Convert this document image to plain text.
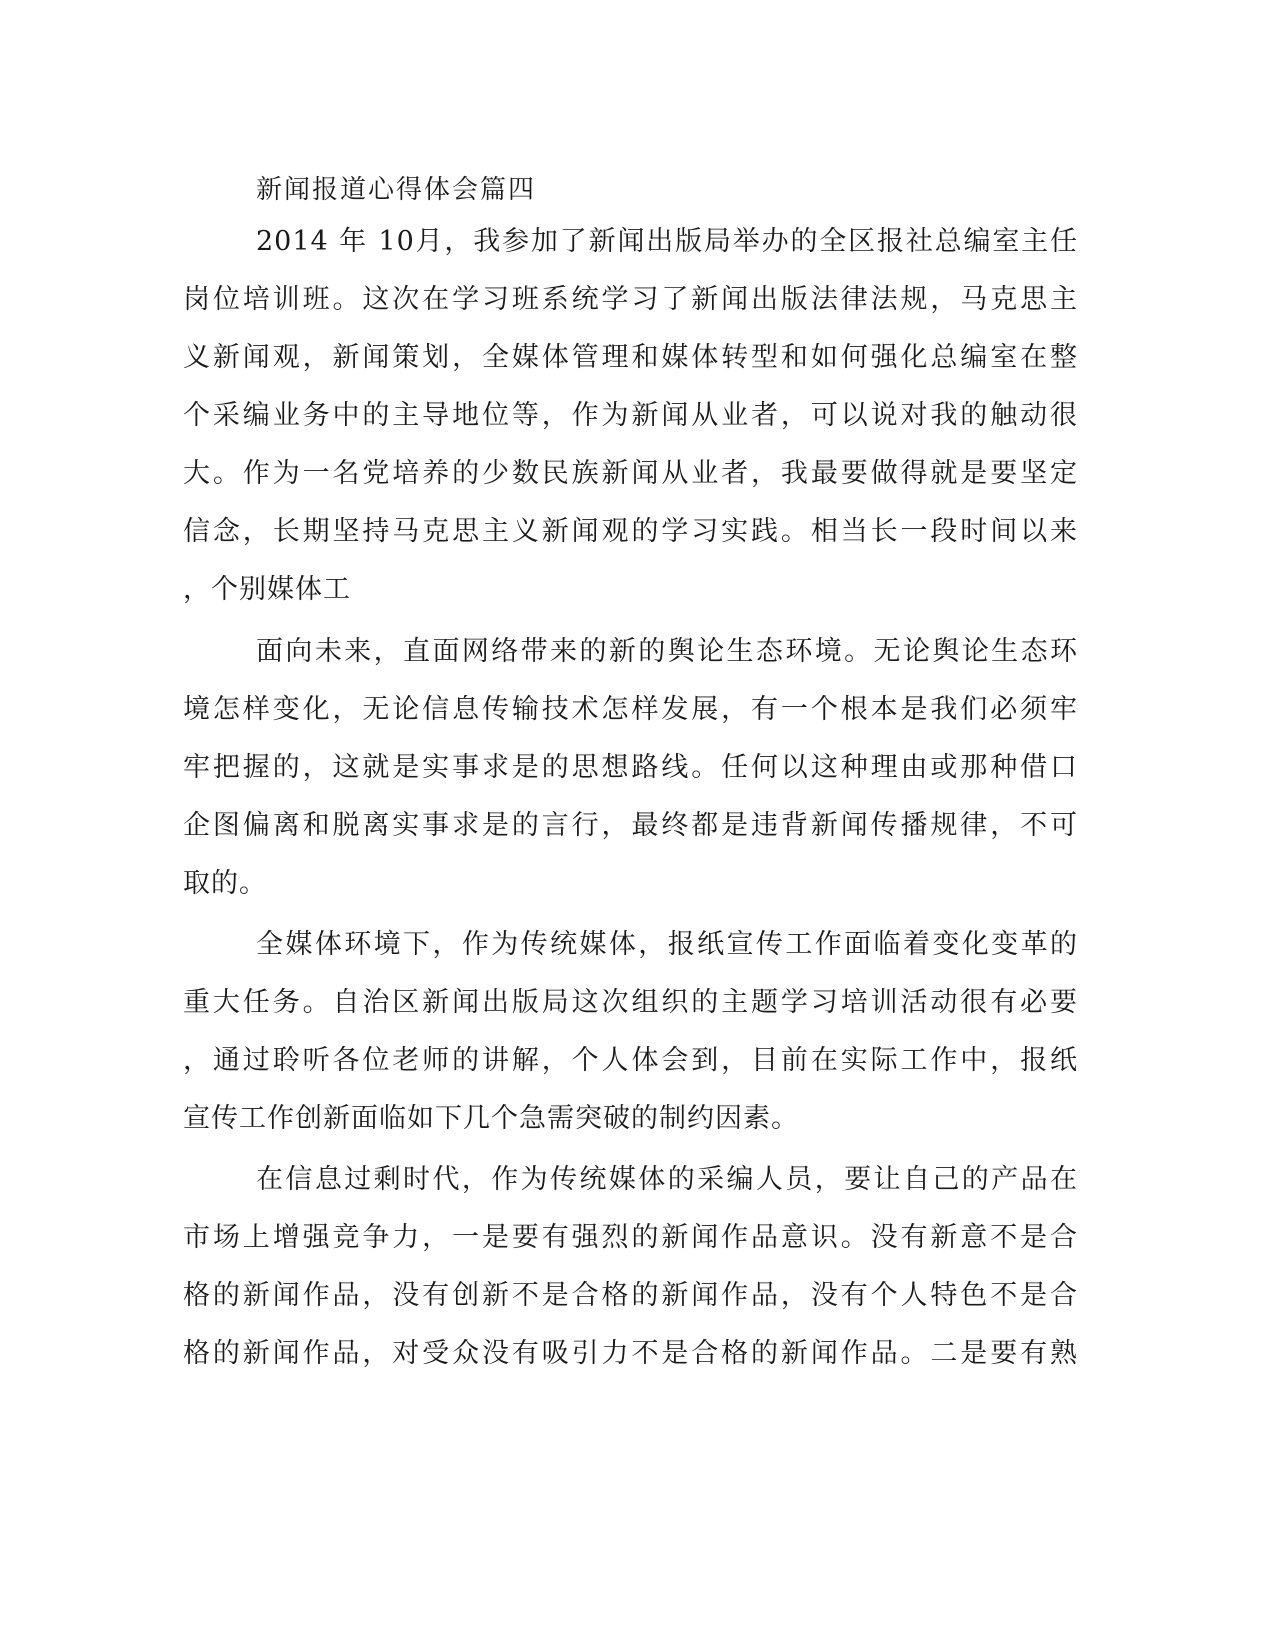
新闻报道心得体会篇四
2014 年 10月，我参加了新闻出版局举办的全区报社总编室主任
岗位培训班。这次在学习班系统学习了新闻出版法律法规，马克思主
义新闻观，新闻策划，全媒体管理和媒体转型和如何强化总编室在整
个采编业务中的主导地位等，作为新闻从业者，可以说对我的触动很
大。作为一名党培养的少数民族新闻从业者，我最要做得就是要坚定
信念，长期坚持马克思主义新闻观的学习实践。相当长一段时间以来
，个别媒体工
面向未来，直面网络带来的新的舆论生态环境。无论舆论生态环
境怎样变化，无论信息传输技术怎样发展，有一个根本是我们必须牢
牢把握的，这就是实事求是的思想路线。任何以这种理由或那种借口
企图偏离和脱离实事求是的言行，最终都是违背新闻传播规律，不可
取的。
全媒体环境下，作为传统媒体，报纸宣传工作面临着变化变革的
重大任务。自治区新闻出版局这次组织的主题学习培训活动很有必要
，通过聆听各位老师的讲解，个人体会到，目前在实际工作中，报纸
宣传工作创新面临如下几个急需突破的制约因素。
在信息过剩时代，作为传统媒体的采编人员，要让自己的产品在
市场上增强竞争力，一是要有强烈的新闻作品意识。没有新意不是合
格的新闻作品，没有创新不是合格的新闻作品，没有个人特色不是合
格的新闻作品，对受众没有吸引力不是合格的新闻作品。二是要有熟
